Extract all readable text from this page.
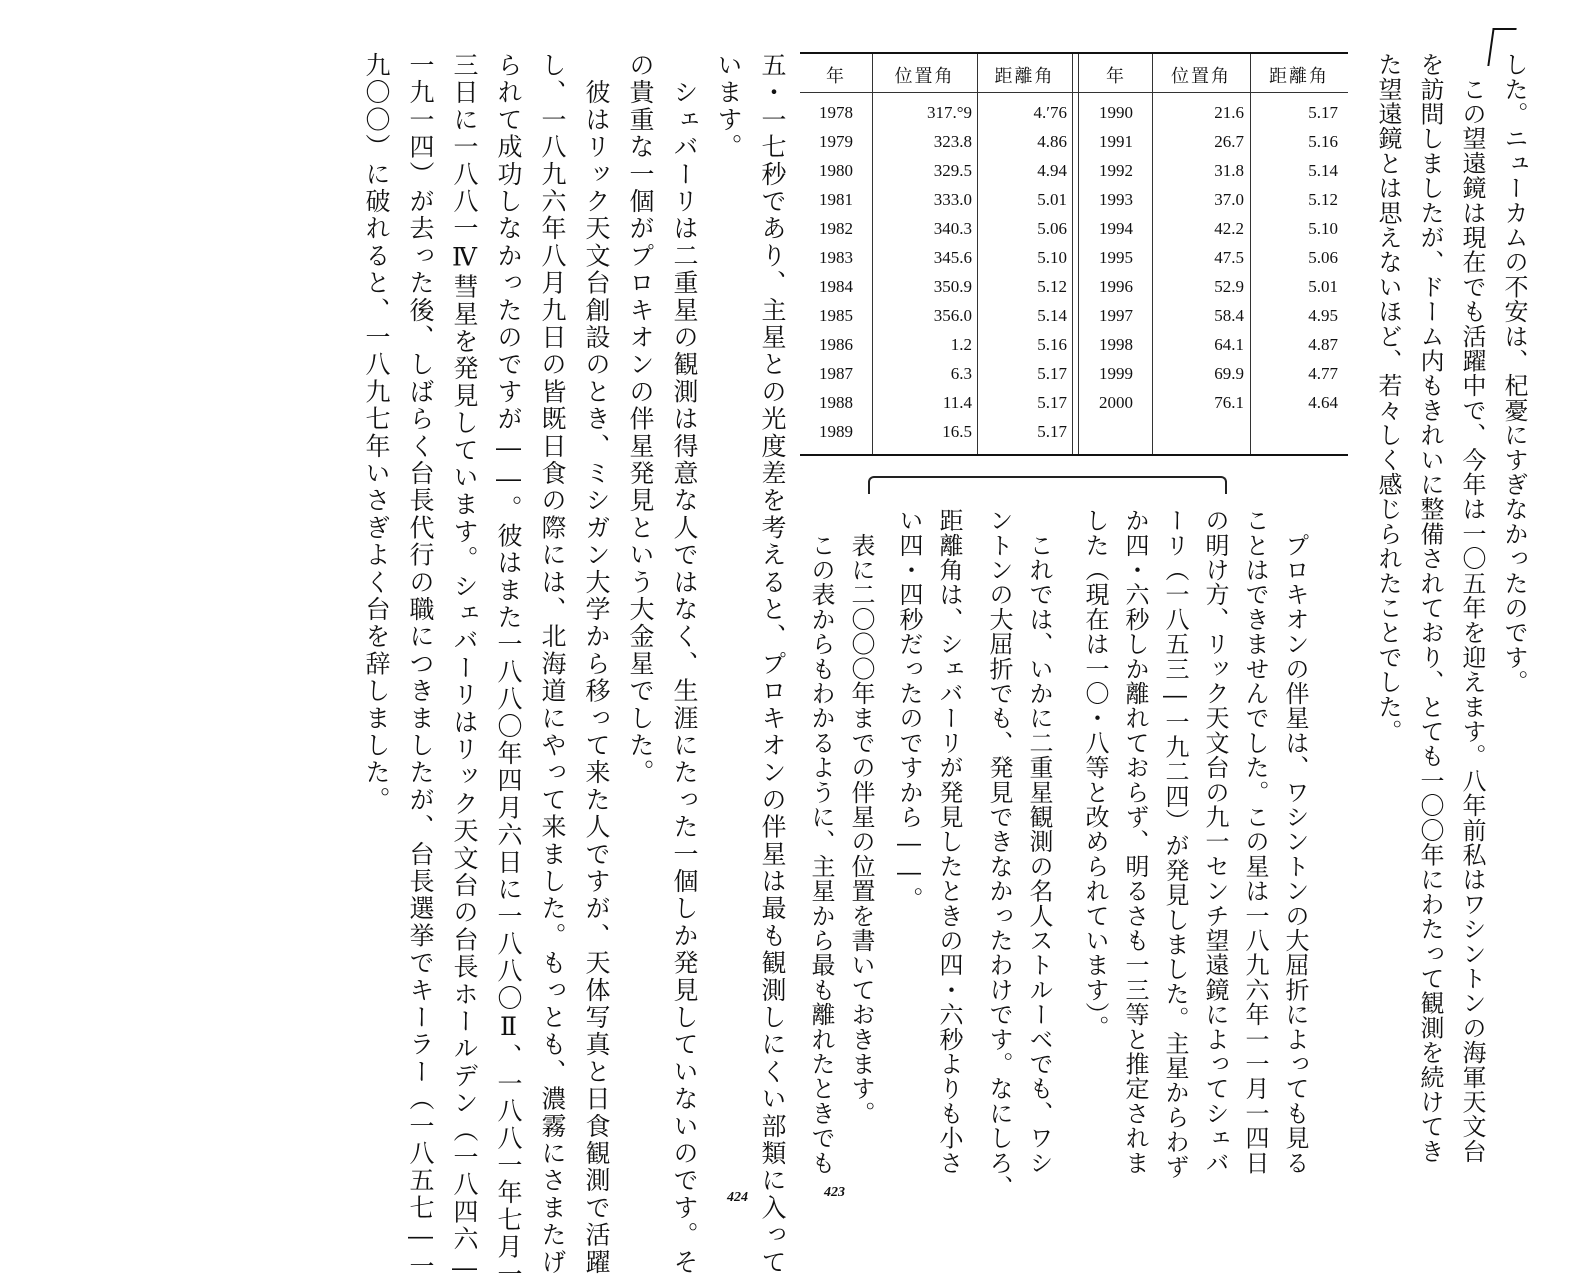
した。ニューカムの不安は、杞憂にすぎなかったのです。
　この望遠鏡は現在でも活躍中で、今年は一〇五年を迎えます。八年前私はワシントンの海軍天文台
を訪問しましたが、ドーム内もきれいに整備されており、とても一〇〇年にわたって観測を続けてき
た望遠鏡とは思えないほど、若々しく感じられたことでした。
　プロキオンの伴星は、ワシントンの大屈折によっても見る
ことはできませんでした。この星は一八九六年一一月一四日
の明け方、リック天文台の九一センチ望遠鏡によってシェバ
ーリ（一八五三―一九二四）が発見しました。主星からわず
か四・六秒しか離れておらず、明るさも一三等と推定されま
した（現在は一〇・八等と改められています）。
　これでは、いかに二重星観測の名人ストルーベでも、ワシ
ントンの大屈折でも、発見できなかったわけです。なにしろ、
距離角は、シェバーリが発見したときの四・六秒よりも小さ
い四・四秒だったのですから――。
　表に二〇〇〇年までの伴星の位置を書いておきます。
　この表からもわかるように、主星から最も離れたときでも
423
年	位置角	距離角	年	位置角	距離角
1978	317.°9	4.′76
1979	323.8	4.86
1980	329.5	4.94
1981	333.0	5.01
1982	340.3	5.06
1983	345.6	5.10
1984	350.9	5.12
1985	356.0	5.14
1986	1.2	5.16
1987	6.3	5.17
1988	11.4	5.17
1989	16.5	5.17
1990	21.6	5.17
1991	26.7	5.16
1992	31.8	5.14
1993	37.0	5.12
1994	42.2	5.10
1995	47.5	5.06
1996	52.9	5.01
1997	58.4	4.95
1998	64.1	4.87
1999	69.9	4.77
2000	76.1	4.64
五・一七秒であり、主星との光度差を考えると、プロキオンの伴星は最も観測しにくい部類に入って
います。
　シェバーリは二重星の観測は得意な人ではなく、生涯にたった一個しか発見していないのです。そ
の貴重な一個がプロキオンの伴星発見という大金星でした。
　彼はリック天文台創設のとき、ミシガン大学から移って来た人ですが、天体写真と日食観測で活躍
し、一八九六年八月九日の皆既日食の際には、北海道にやって来ました。もっとも、濃霧にさまたげ
られて成功しなかったのですが――。彼はまた一八八〇年四月六日に一八八〇Ⅱ、一八八一年七月一
三日に一八八一Ⅳ彗星を発見しています。シェバーリはリック天文台の台長ホールデン（一八四六―
一九一四）が去った後、しばらく台長代行の職につきましたが、台長選挙でキーラー（一八五七―一
九〇〇）に破れると、一八九七年いさぎよく台を辞しました。
424
